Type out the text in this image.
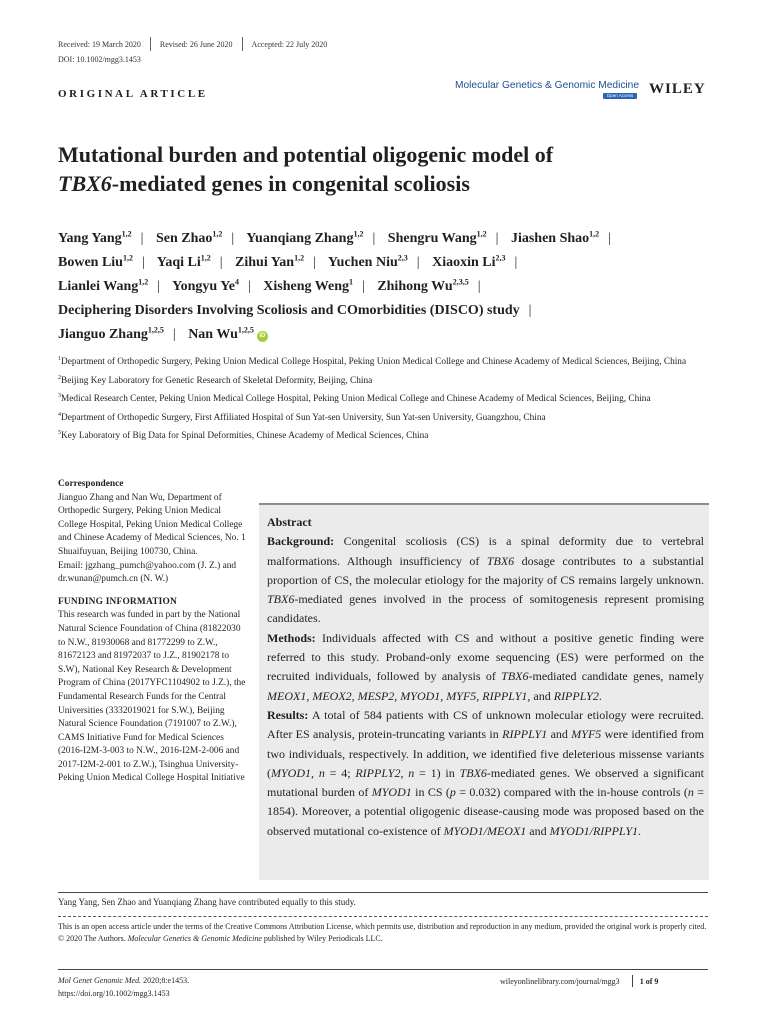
Received: 19 March 2020 Revised: 26 June 2020 Accepted: 22 July 2020
DOI: 10.1002/mgg3.1453
ORIGINAL ARTICLE
Molecular Genetics & Genomic Medicine
Open Access WILEY
Mutational burden and potential oligogenic model of
TBX6-mediated genes in congenital scoliosis
Yang Yang$^{1,2}$ | Sen Zhao$^{1,2}$ | Yuanqiang Zhang$^{1,2}$ | Shengru Wang$^{1,2}$ | Jiashen Shao$^{1,2}$ |
Bowen Liu$^{1,2}$ | Yaqi Li$^{1,2}$ | Zihui Yan$^{1,2}$ | Yuchen Niu$^{2,3}$ | Xiaoxin Li$^{2,3}$ |
Lianlei Wang$^{1,2}$ | Yongyu Ye$^4$ | Xisheng Weng$^1$ | Zhihong Wu$^{2,3,5}$ |
Deciphering Disorders Involving Scoliosis and COmorbidities (DISCO) study |
Jianguo Zhang$^{1,2,5}$ | Nan Wu$^{1,2,5}$iD

$^1$Department of Orthopedic Surgery, Peking Union Medical College Hospital, Peking Union Medical College and Chinese Academy of Medical Sciences, Beijing, China

$^2$Beijing Key Laboratory for Genetic Research of Skeletal Deformity, Beijing, China

$^3$Medical Research Center, Peking Union Medical College Hospital, Peking Union Medical College and Chinese Academy of Medical Sciences, Beijing, China

$^4$Department of Orthopedic Surgery, First Affiliated Hospital of Sun Yat-sen University, Sun Yat-sen University, Guangzhou, China

$^5$Key Laboratory of Big Data for Spinal Deformities, Chinese Academy of Medical Sciences, China

Correspondence

Jianguo Zhang and Nan Wu, Department of Orthopedic Surgery, Peking Union Medical College Hospital, Peking Union Medical College and Chinese Academy of Medical Sciences, No. 1 Shuaifuyuan, Beijing 100730, China.

Email: jgzhang_pumch@yahoo.com (J. Z.) and dr.wunan@pumch.cn (N. W.)

FUNDING INFORMATION

This research was funded in part by the National Natural Science Foundation of China (81822030 to N.W., 81930068 and 81772299 to Z.W., 81672123 and 81972037 to J.Z., 81902178 to S.W), National Key Research & Development Program of China (2017YFC1104902 to J.Z.), the Fundamental Research Funds for the Central Universities (3332019021 for S.W.), Beijing Natural Science Foundation (7191007 to Z.W.), CAMS Initiative Fund for Medical Sciences (2016-I2M-3-003 to N.W., 2016-I2M-2-006 and 2017-I2M-2-001 to Z.W.), Tsinghua University-Peking Union Medical College Hospital Initiative

Abstract

Background: Congenital scoliosis (CS) is a spinal deformity due to vertebral malformations. Although insufficiency of TBX6 dosage contributes to a substantial proportion of CS, the molecular etiology for the majority of CS remains largely unknown. TBX6-mediated genes involved in the process of somitogenesis represent promising candidates.

Methods: Individuals affected with CS and without a positive genetic finding were referred to this study. Proband-only exome sequencing (ES) were performed on the recruited individuals, followed by analysis of TBX6-mediated candidate genes, namely MEOX1, MEOX2, MESP2, MYOD1, MYF5, RIPPLY1, and RIPPLY2.

Results: A total of 584 patients with CS of unknown molecular etiology were recruited. After ES analysis, protein-truncating variants in RIPPLY1 and MYF5 were identified from two individuals, respectively. In addition, we identified five deleterious missense variants (MYOD1, n = 4; RIPPLY2, n = 1) in TBX6-mediated genes. We observed a significant mutational burden of MYOD1 in CS (p = 0.032) compared with the in-house controls (n = 1854). Moreover, a potential oligogenic disease-causing mode was proposed based on the observed mutational co-existence of MYOD1/MEOX1 and MYOD1/RIPPLY1.

Yang Yang, Sen Zhao and Yuanqiang Zhang have contributed equally to this study.

This is an open access article under the terms of the Creative Commons Attribution License, which permits use, distribution and reproduction in any medium, provided the original work is properly cited.

© 2020 The Authors. Molecular Genetics & Genomic Medicine published by Wiley Periodicals LLC.

Mol Genet Genomic Med. 2020;8:e1453.
https://doi.org/10.1002/mgg3.1453
wileyonlinelibrary.com/journal/mgg3	1 of 9
